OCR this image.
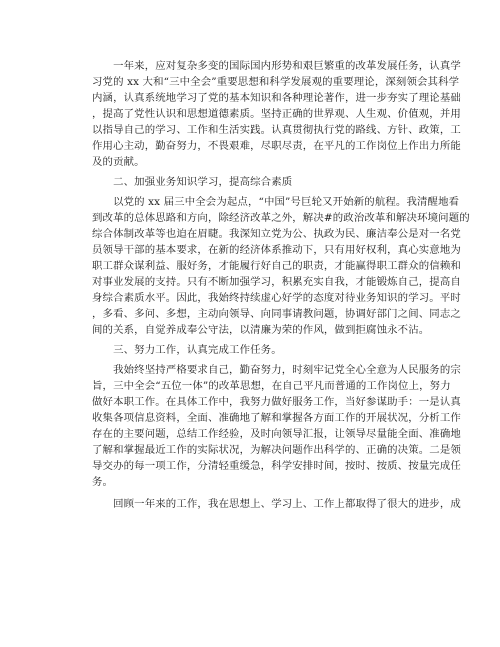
　　一年来，应对复杂多变的国际国内形势和艰巨繁重的改革发展任务，认真学
习党的 xx 大和“三中全会”重要思想和科学发展观的重要理论，深刻领会其科学
内涵，认真系统地学习了党的基本知识和各种理论著作，进一步夯实了理论基础
，提高了党性认识和思想道德素质。坚持正确的世界观、人生观、价值观，并用
以指导自己的学习、工作和生活实践。认真贯彻执行党的路线、方针、政策，工
作用心主动，勤奋努力，不畏艰难，尽职尽责，在平凡的工作岗位上作出力所能
及的贡献。
　　二、加强业务知识学习，提高综合素质
　　以党的 xx 届三中全会为起点，“中国”号巨轮又开始新的航程。我清醒地看
到改革的总体思路和方向，除经济改革之外，解决#的政治改革和解决环境问题的
综合体制改革等也迫在眉睫。我深知立党为公、执政为民、廉洁奉公是对一名党
员领导干部的基本要求，在新的经济体系推动下，只有用好权利，真心实意地为
职工群众谋利益、服好务，才能履行好自己的职责，才能赢得职工群众的信赖和
对事业发展的支持。只有不断加强学习，积累充实自我，才能锻炼自己，提高自
身综合素质水平。因此，我始终持续虚心好学的态度对待业务知识的学习。平时
，多看、多问、多想，主动向领导、向同事请教问题，协调好部门之间、同志之
间的关系，自觉养成奉公守法，以清廉为荣的作风，做到拒腐蚀永不沾。
　　三、努力工作，认真完成工作任务。
　　我始终坚持严格要求自己，勤奋努力，时刻牢记党全心全意为人民服务的宗
旨，三中全会“五位一体”的改革思想，在自己平凡而普通的工作岗位上，努力
做好本职工作。在具体工作中，我努力做好服务工作，当好参谋助手：一是认真
收集各项信息资料，全面、准确地了解和掌握各方面工作的开展状况，分析工作
存在的主要问题，总结工作经验，及时向领导汇报，让领导尽量能全面、准确地
了解和掌握最近工作的实际状况，为解决问题作出科学的、正确的决策。二是领
导交办的每一项工作，分清轻重缓急，科学安排时间，按时、按质、按量完成任
务。
　　回顾一年来的工作，我在思想上、学习上、工作上都取得了很大的进步，成
